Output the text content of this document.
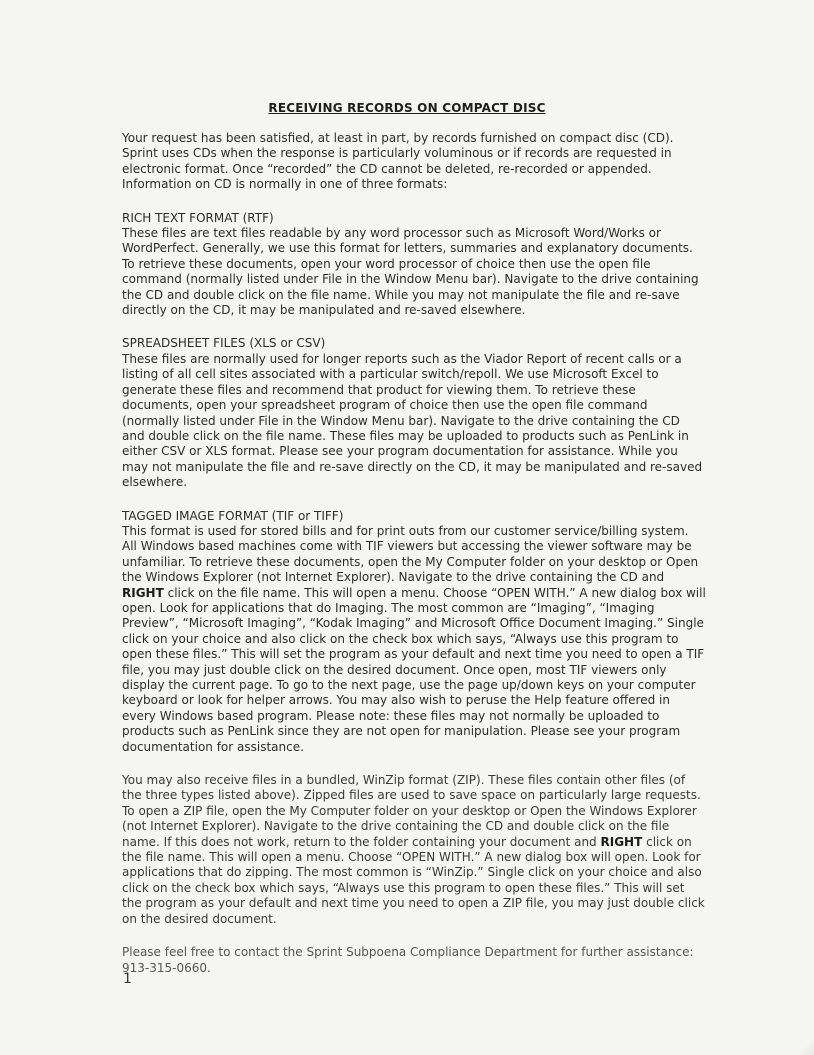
RECEIVING RECORDS ON COMPACT DISC
Your request has been satisfied, at least in part, by records furnished on compact disc (CD). Sprint uses CDs when the response is particularly voluminous or if records are requested in electronic format. Once “recorded” the CD cannot be deleted, re-recorded or appended. Information on CD is normally in one of three formats:

RICH TEXT FORMAT (RTF)

These files are text files readable by any word processor such as Microsoft Word/Works or WordPerfect. Generally, we use this format for letters, summaries and explanatory documents. To retrieve these documents, open your word processor of choice then use the open file command (normally listed under File in the Window Menu bar). Navigate to the drive containing the CD and double click on the file name. While you may not manipulate the file and re-save directly on the CD, it may be manipulated and re-saved elsewhere.

SPREADSHEET FILES (XLS or CSV)

These files are normally used for longer reports such as the Viador Report of recent calls or a listing of all cell sites associated with a particular switch/repoll. We use Microsoft Excel to generate these files and recommend that product for viewing them. To retrieve these documents, open your spreadsheet program of choice then use the open file command (normally listed under File in the Window Menu bar). Navigate to the drive containing the CD and double click on the file name. These files may be uploaded to products such as PenLink in either CSV or XLS format. Please see your program documentation for assistance. While you may not manipulate the file and re-save directly on the CD, it may be manipulated and re-saved elsewhere.

TAGGED IMAGE FORMAT (TIF or TIFF)

This format is used for stored bills and for print outs from our customer service/billing system. All Windows based machines come with TIF viewers but accessing the viewer software may be unfamiliar. To retrieve these documents, open the My Computer folder on your desktop or Open the Windows Explorer (not Internet Explorer). Navigate to the drive containing the CD and RIGHT click on the file name. This will open a menu. Choose “OPEN WITH.” A new dialog box will open. Look for applications that do Imaging. The most common are “Imaging”, “Imaging Preview”, “Microsoft Imaging”, “Kodak Imaging” and Microsoft Office Document Imaging.” Single click on your choice and also click on the check box which says, “Always use this program to open these files.” This will set the program as your default and next time you need to open a TIF file, you may just double click on the desired document. Once open, most TIF viewers only display the current page. To go to the next page, use the page up/down keys on your computer keyboard or look for helper arrows. You may also wish to peruse the Help feature offered in every Windows based program. Please note: these files may not normally be uploaded to products such as PenLink since they are not open for manipulation. Please see your program documentation for assistance.

You may also receive files in a bundled, WinZip format (ZIP). These files contain other files (of the three types listed above). Zipped files are used to save space on particularly large requests. To open a ZIP file, open the My Computer folder on your desktop or Open the Windows Explorer (not Internet Explorer). Navigate to the drive containing the CD and double click on the file name. If this does not work, return to the folder containing your document and RIGHT click on the file name. This will open a menu. Choose “OPEN WITH.” A new dialog box will open. Look for applications that do zipping. The most common is “WinZip.” Single click on your choice and also click on the check box which says, “Always use this program to open these files.” This will set the program as your default and next time you need to open a ZIP file, you may just double click on the desired document.
Please feel free to contact the Sprint Subpoena Compliance Department for further assistance: 913-315-0660.
1
